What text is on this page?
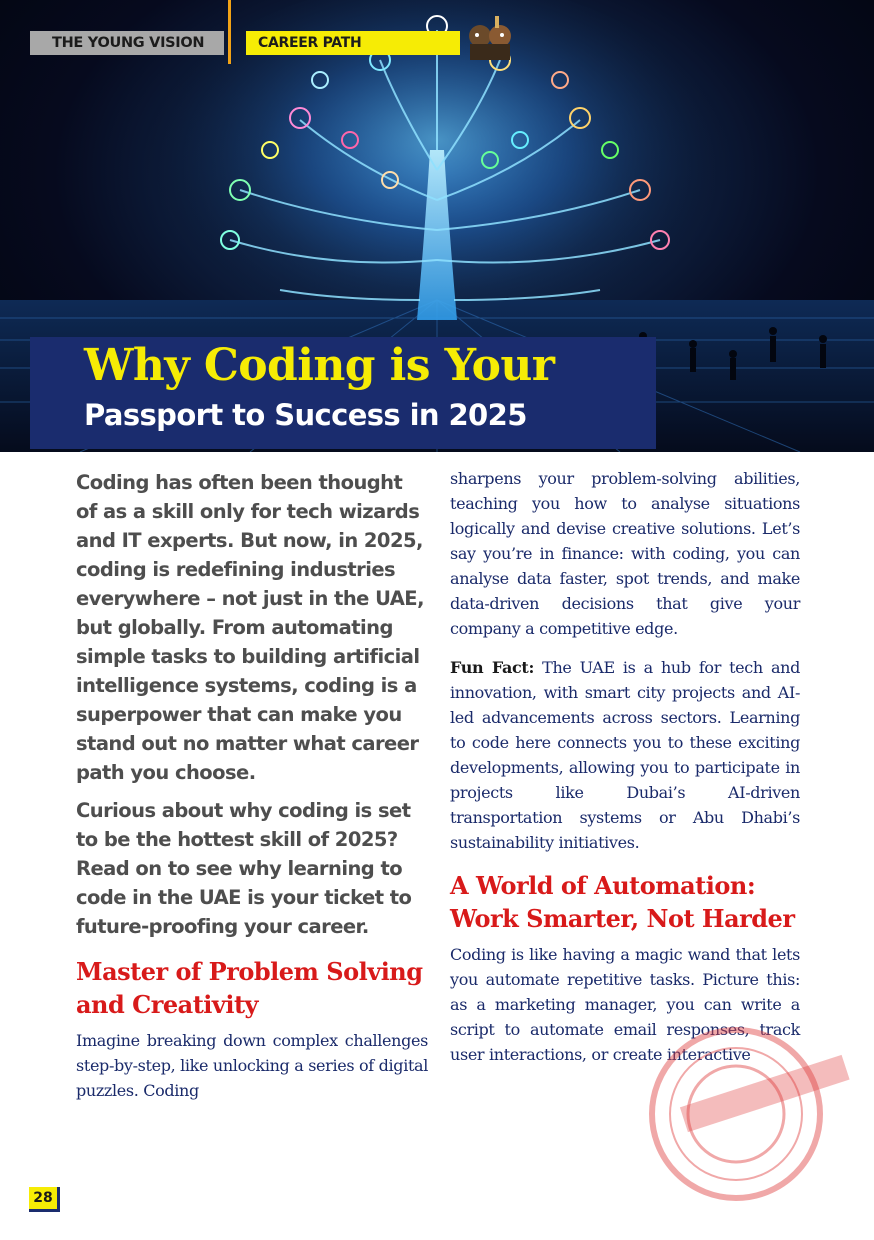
THE YOUNG VISION	CAREER PATH
Why Coding is Your
Passport to Success in 2025

Coding has often been thought of as a skill only for tech wizards and IT experts. But now, in 2025, coding is redefining industries everywhere – not just in the UAE, but globally. From automating simple tasks to building artificial intelligence systems, coding is a superpower that can make you stand out no matter what career path you choose.

Curious about why coding is set to be the hottest skill of 2025? Read on to see why learning to code in the UAE is your ticket to future-proofing your career.

Master of Problem Solving and Creativity

Imagine breaking down complex challenges step-by-step, like unlocking a series of digital puzzles. Coding

sharpens your problem-solving abilities, teaching you how to analyse situations logically and devise creative solutions. Let’s say you’re in finance: with coding, you can analyse data faster, spot trends, and make data-driven decisions that give your company a competitive edge.

Fun Fact: The UAE is a hub for tech and innovation, with smart city projects and AI-led advancements across sectors. Learning to code here connects you to these exciting developments, allowing you to participate in projects like Dubai’s AI-driven transportation systems or Abu Dhabi’s sustainability initiatives.

A World of Automation: Work Smarter, Not Harder

Coding is like having a magic wand that lets you automate repetitive tasks. Picture this: as a marketing manager, you can write a script to automate email responses, track user interactions, or create interactive

28
